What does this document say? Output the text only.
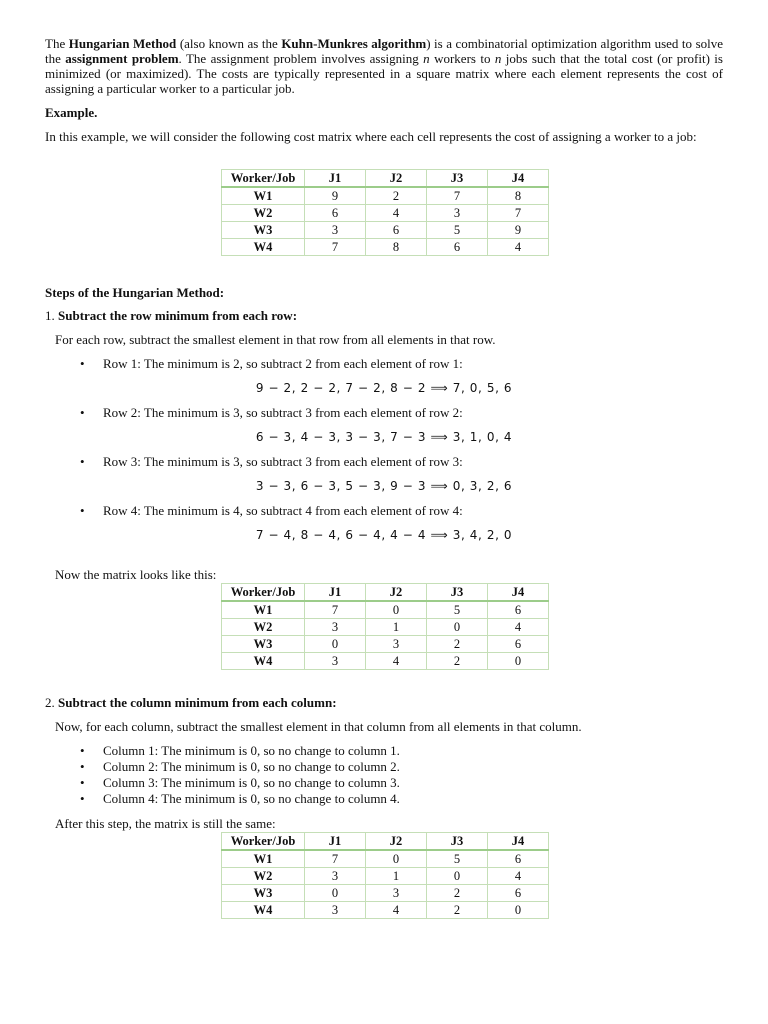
The Hungarian Method (also known as the Kuhn-Munkres algorithm) is a combinatorial optimization algorithm used to solve the assignment problem. The assignment problem involves assigning n workers to n jobs such that the total cost (or profit) is minimized (or maximized). The costs are typically represented in a square matrix where each element represents the cost of assigning a particular worker to a particular job.

Example.

In this example, we will consider the following cost matrix where each cell represents the cost of assigning a worker to a job:

Worker/Job	J1	J2	J3	J4
W1	9	2	7	8
W2	6	4	3	7
W3	3	6	5	9
W4	7	8	6	4

Steps of the Hungarian Method:

1. Subtract the row minimum from each row:

For each row, subtract the smallest element in that row from all elements in that row.

• Row 1: The minimum is 2, so subtract 2 from each element of row 1:
9 − 2, 2 − 2, 7 − 2, 8 − 2 ⟹ 7, 0, 5, 6
• Row 2: The minimum is 3, so subtract 3 from each element of row 2:
6 − 3, 4 − 3, 3 − 3, 7 − 3 ⟹ 3, 1, 0, 4
• Row 3: The minimum is 3, so subtract 3 from each element of row 3:
3 − 3, 6 − 3, 5 − 3, 9 − 3 ⟹ 0, 3, 2, 6
• Row 4: The minimum is 4, so subtract 4 from each element of row 4:
7 − 4, 8 − 4, 6 − 4, 4 − 4 ⟹ 3, 4, 2, 0

Now the matrix looks like this:

Worker/Job	J1	J2	J3	J4
W1	7	0	5	6
W2	3	1	0	4
W3	0	3	2	6
W4	3	4	2	0

2. Subtract the column minimum from each column:

Now, for each column, subtract the smallest element in that column from all elements in that column.

• Column 1: The minimum is 0, so no change to column 1.
• Column 2: The minimum is 0, so no change to column 2.
• Column 3: The minimum is 0, so no change to column 3.
• Column 4: The minimum is 0, so no change to column 4.

After this step, the matrix is still the same:

Worker/Job	J1	J2	J3	J4
W1	7	0	5	6
W2	3	1	0	4
W3	0	3	2	6
W4	3	4	2	0
